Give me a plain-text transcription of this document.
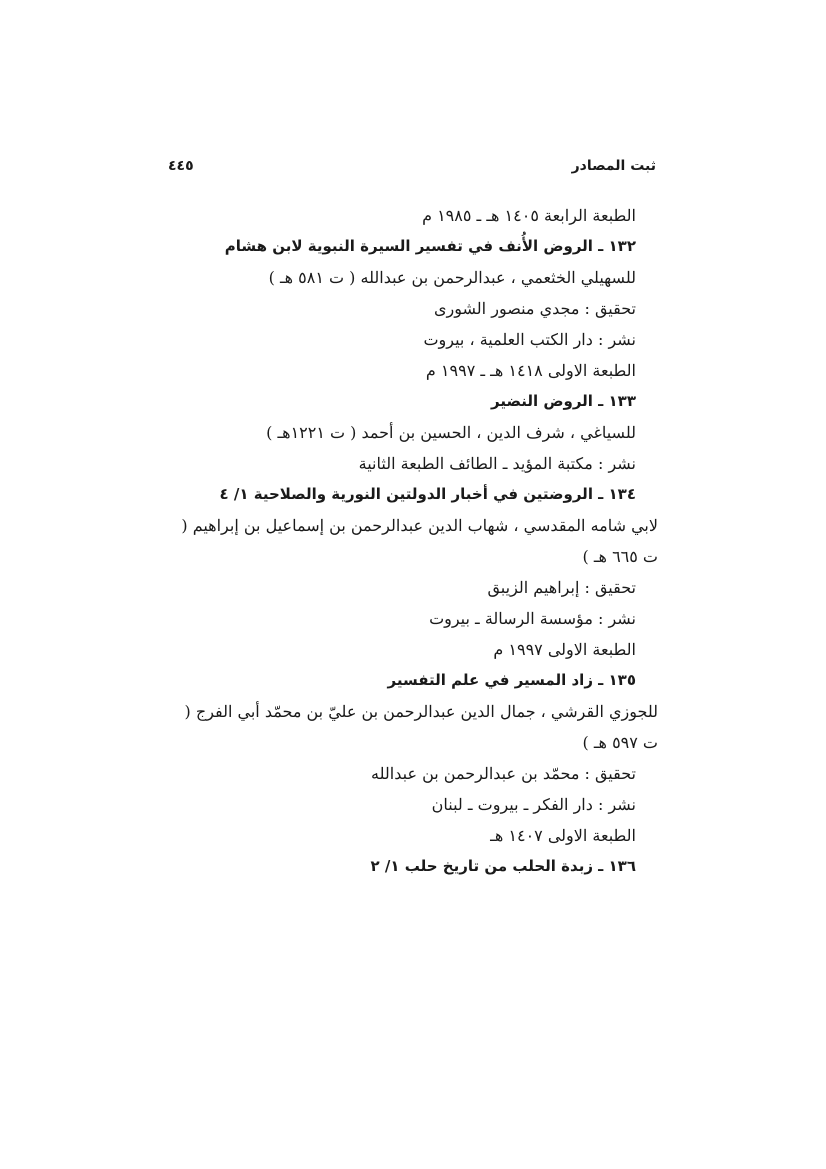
ثبت المصادر
٤٤٥
الطبعة الرابعة ١٤٠٥ هـ ـ ١٩٨٥ م
١٣٢ ـ الروض الأُنف في تفسير السيرة النبوية لابن هشام
للسهيلي الخثعمي ، عبدالرحمن بن عبدالله ( ت ٥٨١ هـ )
تحقيق : مجدي منصور الشورى
نشر : دار الكتب العلمية ، بيروت
الطبعة الاولى ١٤١٨ هـ ـ ١٩٩٧ م
١٣٣ ـ الروض النضير
للسياغي ، شرف الدين ، الحسين بن أحمد ( ت ١٢٢١هـ )
نشر : مكتبة المؤيد ـ الطائف الطبعة الثانية
١٣٤ ـ الروضتين في أخبار الدولتين النورية والصلاحية ١/ ٤
لابي شامه المقدسي ، شهاب الدين عبدالرحمن بن إسماعيل بن إبراهيم ( ت ٦٦٥ هـ )
تحقيق : إبراهيم الزيبق
نشر : مؤسسة الرسالة ـ بيروت
الطبعة الاولى ١٩٩٧ م
١٣٥ ـ زاد المسير في علم التفسير
للجوزي القرشي ، جمال الدين عبدالرحمن بن عليّ بن محمّد أبي الفرج ( ت ٥٩٧ هـ )
تحقيق : محمّد بن عبدالرحمن بن عبدالله
نشر : دار الفكر ـ بيروت ـ لبنان
الطبعة الاولى ١٤٠٧ هـ
١٣٦ ـ زبدة الحلب من تاريخ حلب ١/ ٢
